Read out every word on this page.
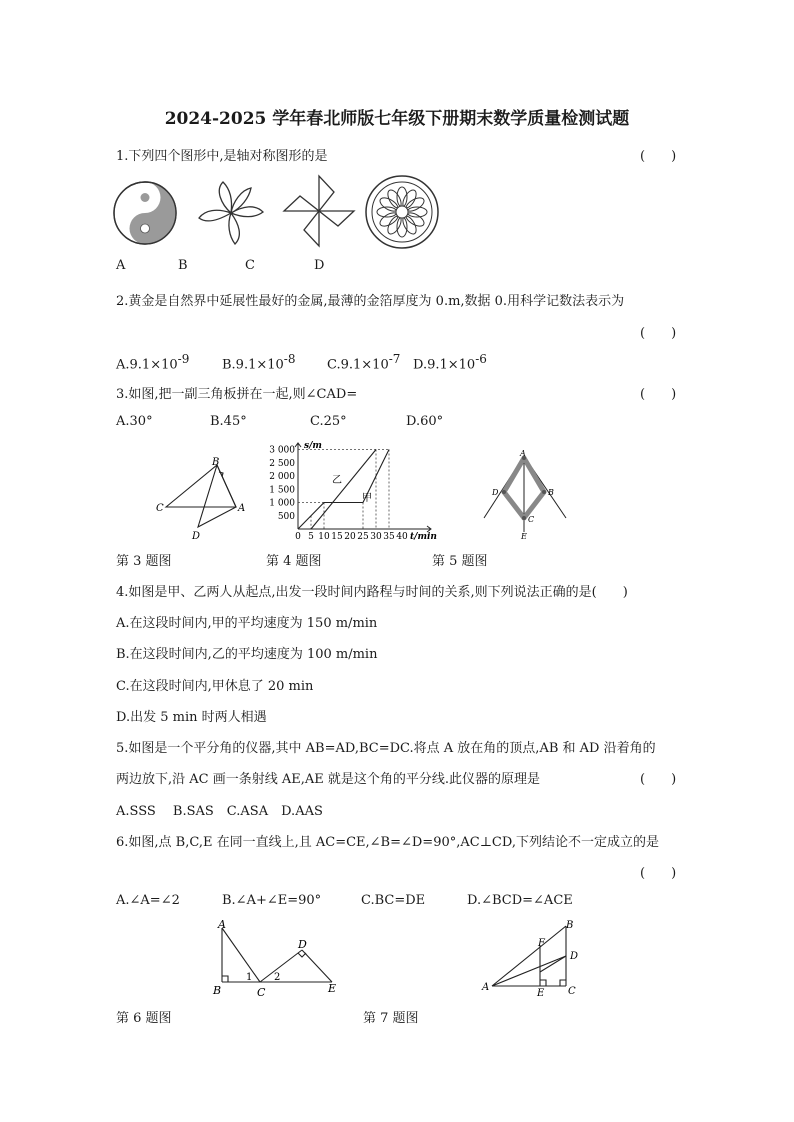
2024-2025 学年春北师版七年级下册期末数学质量检测试题
1.下列四个图形中,是轴对称图形的是	(　　)
A	B	C	D
2.黄金是自然界中延展性最好的金属,最薄的金箔厚度为 0.m,数据 0.用科学记数法表示为
(　　)
$A.9.1\times 10^{-9}$	$B.9.1\times 10^{-8}$ $C.9.1\times 10^{-7}$ $D.9.1\times 10^{-6}$
3.如图,把一副三角板拼在一起,则∠CAD=	(　　)
A.30°	B.45°	C.25°	D.60°
B
C	A
D
3 000
2 500
2 000
1 500
1 000
500
0 5 10 15 20 25 30 35 40
s/m
t/min
乙
甲
A
D	B
C
E
第 3 题图	第 4 题图	第 5 题图
4.如图是甲、乙两人从起点,出发一段时间内路程与时间的关系,则下列说法正确的是(　　)
A.在这段时间内,甲的平均速度为 150 m/min
B.在这段时间内,乙的平均速度为 100 m/min
C.在这段时间内,甲休息了 20 min
D.出发 5 min 时两人相遇
5.如图是一个平分角的仪器,其中 AB=AD,BC=DC.将点 A 放在角的顶点,AB 和 AD 沿着角的
两边放下,沿 AC 画一条射线 AE,AE 就是这个角的平分线.此仪器的原理是	(　　)
A.SSS　 B.SAS　C.ASA　D.AAS
6.如图,点 B,C,E 在同一直线上,且 AC=CE,∠B=∠D=90°,AC⊥CD,下列结论不一定成立的是
(　　)
A.∠A=∠2	B.∠A+∠E=90°	C.BC=DE	D.∠BCD=∠ACE
A
B	C
D
E
1 2
A
B
C
D
E
F
第 6 题图	第 7 题图
